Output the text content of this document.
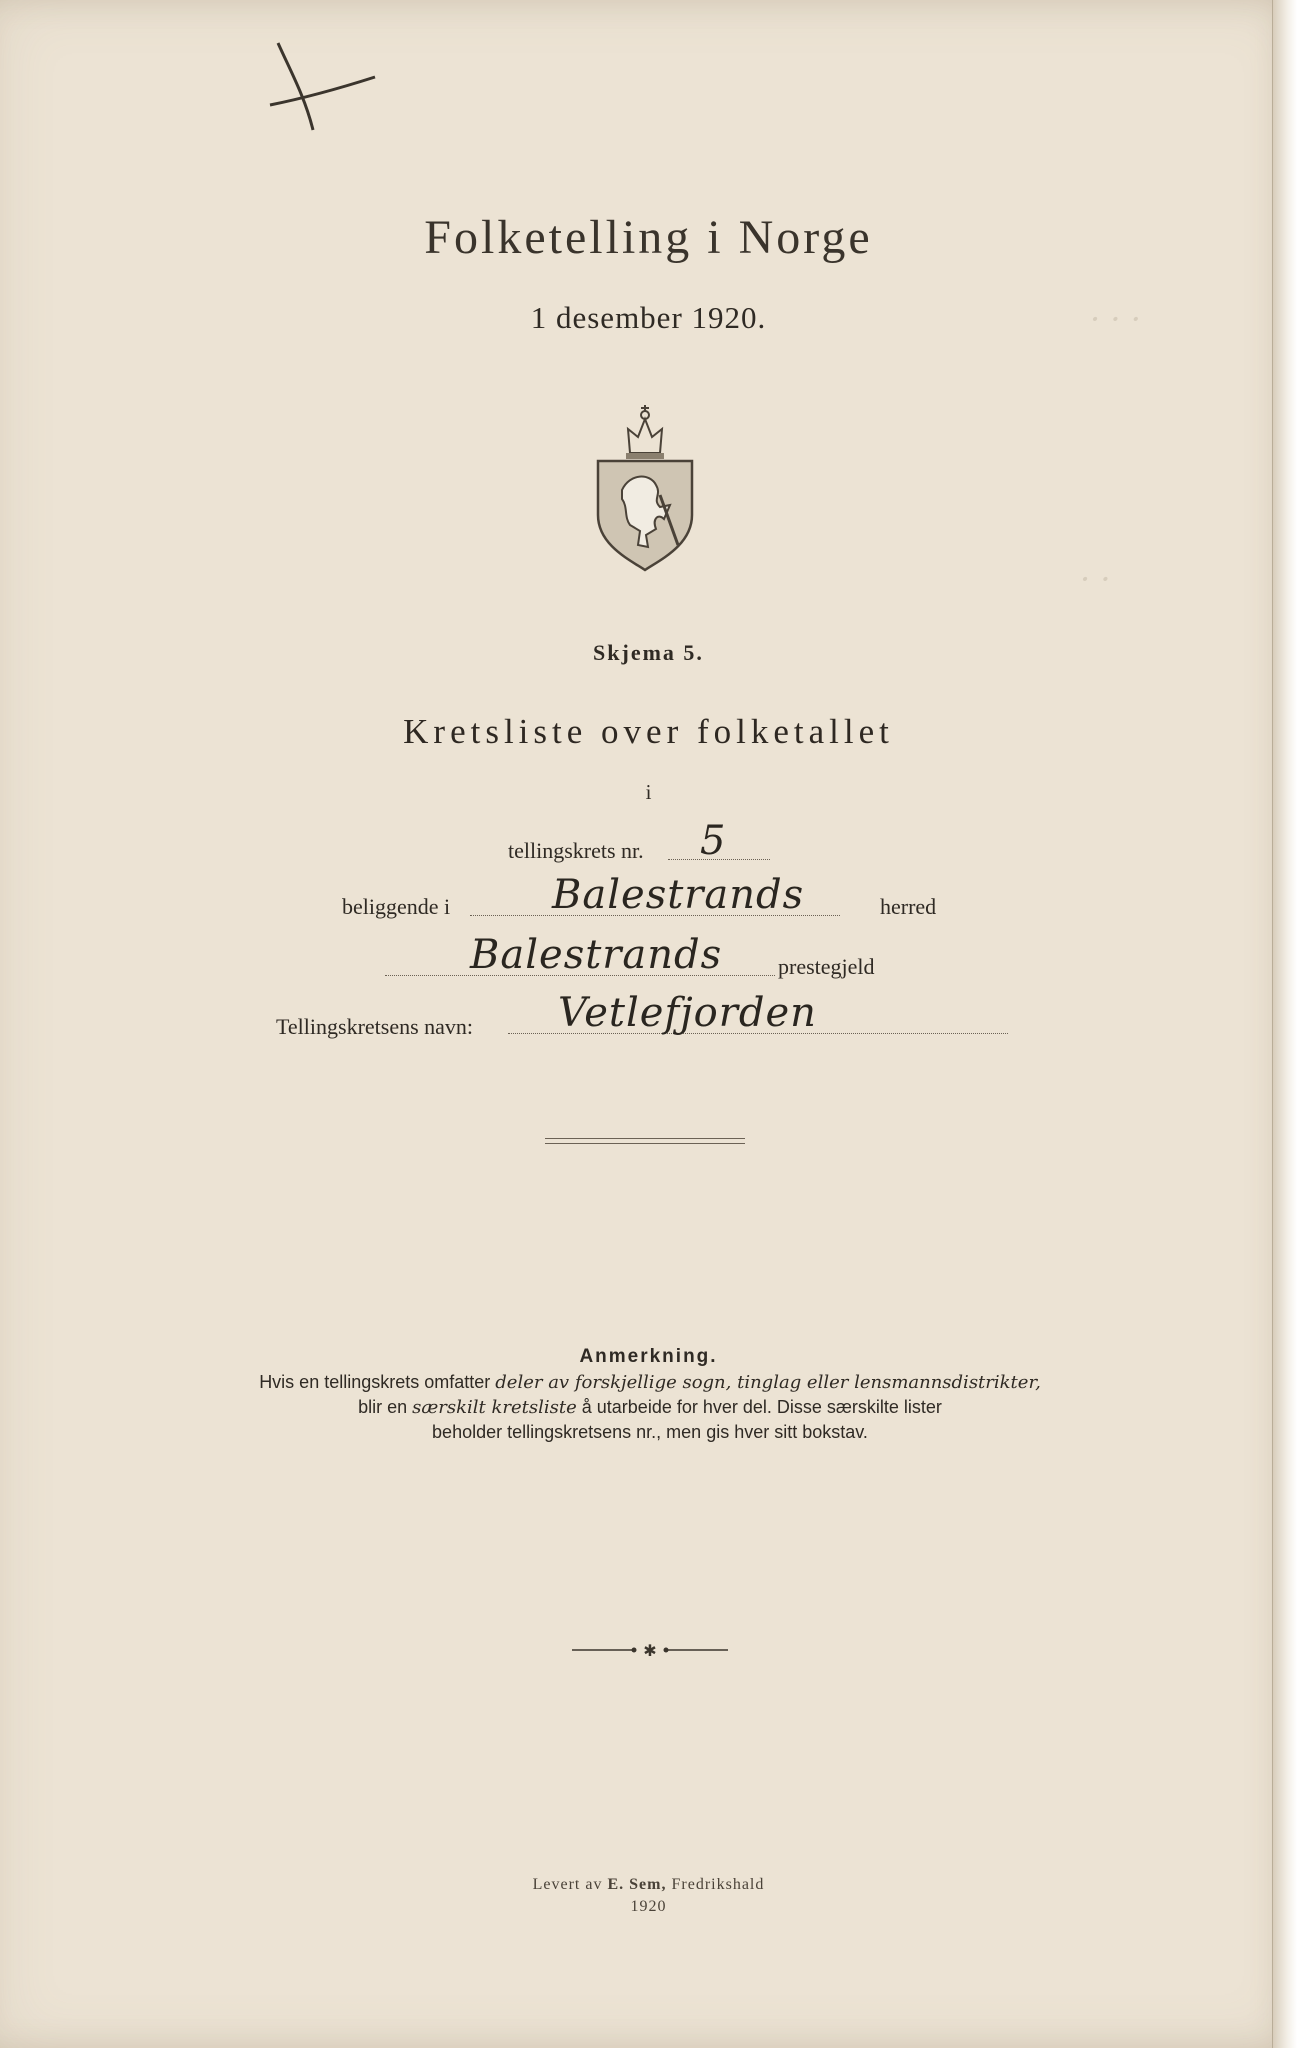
· · ·
· ·
Folketelling i Norge
1 desember 1920.
Skjema 5.
Kretsliste over folketallet
i
tellingskrets nr. 5
beliggende i	Balestrands	herred
Balestrands	prestegjeld
Tellingskretsens navn: Vetlefjorden
Anmerkning.
Hvis en tellingskrets omfatter deler av forskjellige sogn, tinglag eller lensmannsdistrikter,
blir en særskilt kretsliste å utarbeide for hver del. Disse særskilte lister
beholder tellingskretsens nr., men gis hver sitt bokstav.
✱
Levert av E. Sem, Fredrikshald
1920
